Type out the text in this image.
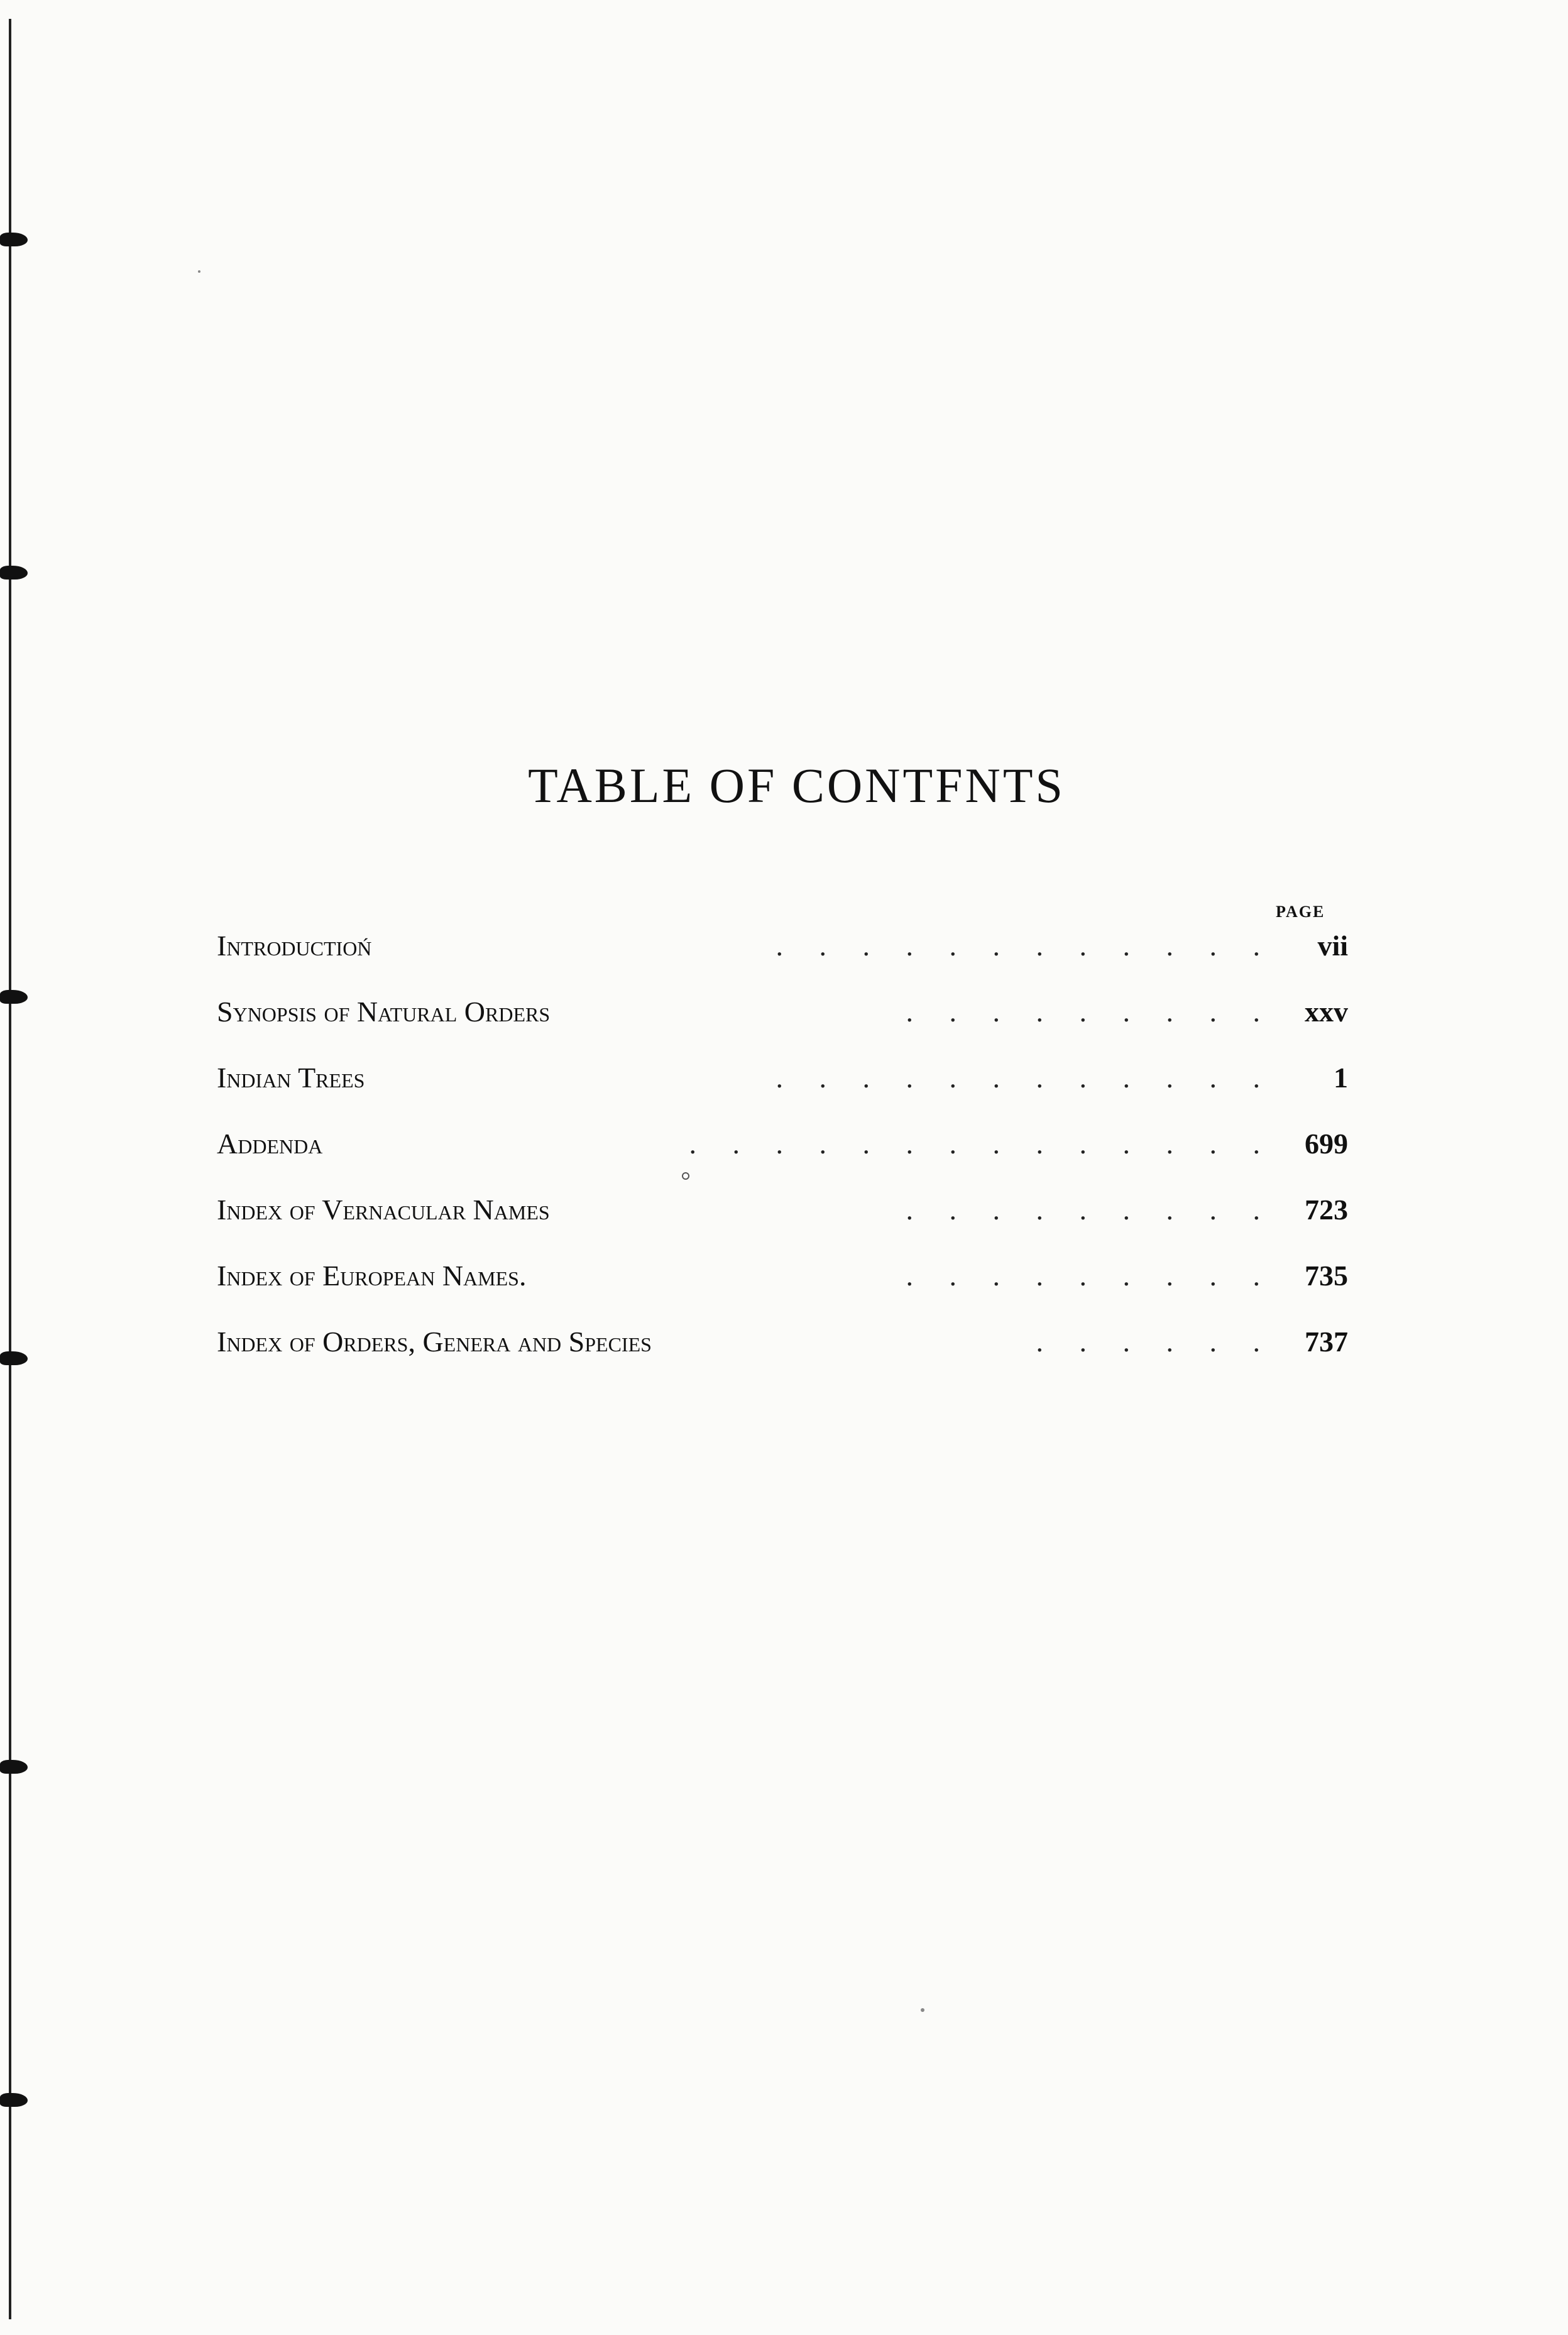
TABLE OF CONTFNTS
PAGE
Introductioń	.     .     .     .     .     .     .     .     .     .     .     .	vii
Synopsis of Natural Orders	.     .     .     .     .     .     .     .     .	xxv
Indian Trees	.     .     .     .     .     .     .     .     .     .     .     .	1
Addenda	.     .     .     .     .     .     .     .     .     .     .     .     .     .	699
Index of Vernacular Names	.     .     .     .     .     .     .     .     .	723
Index of European Names.	.     .     .     .     .     .     .     .     .	735
Index of Orders, Genera and Species	.     .     .     .     .     .	737
